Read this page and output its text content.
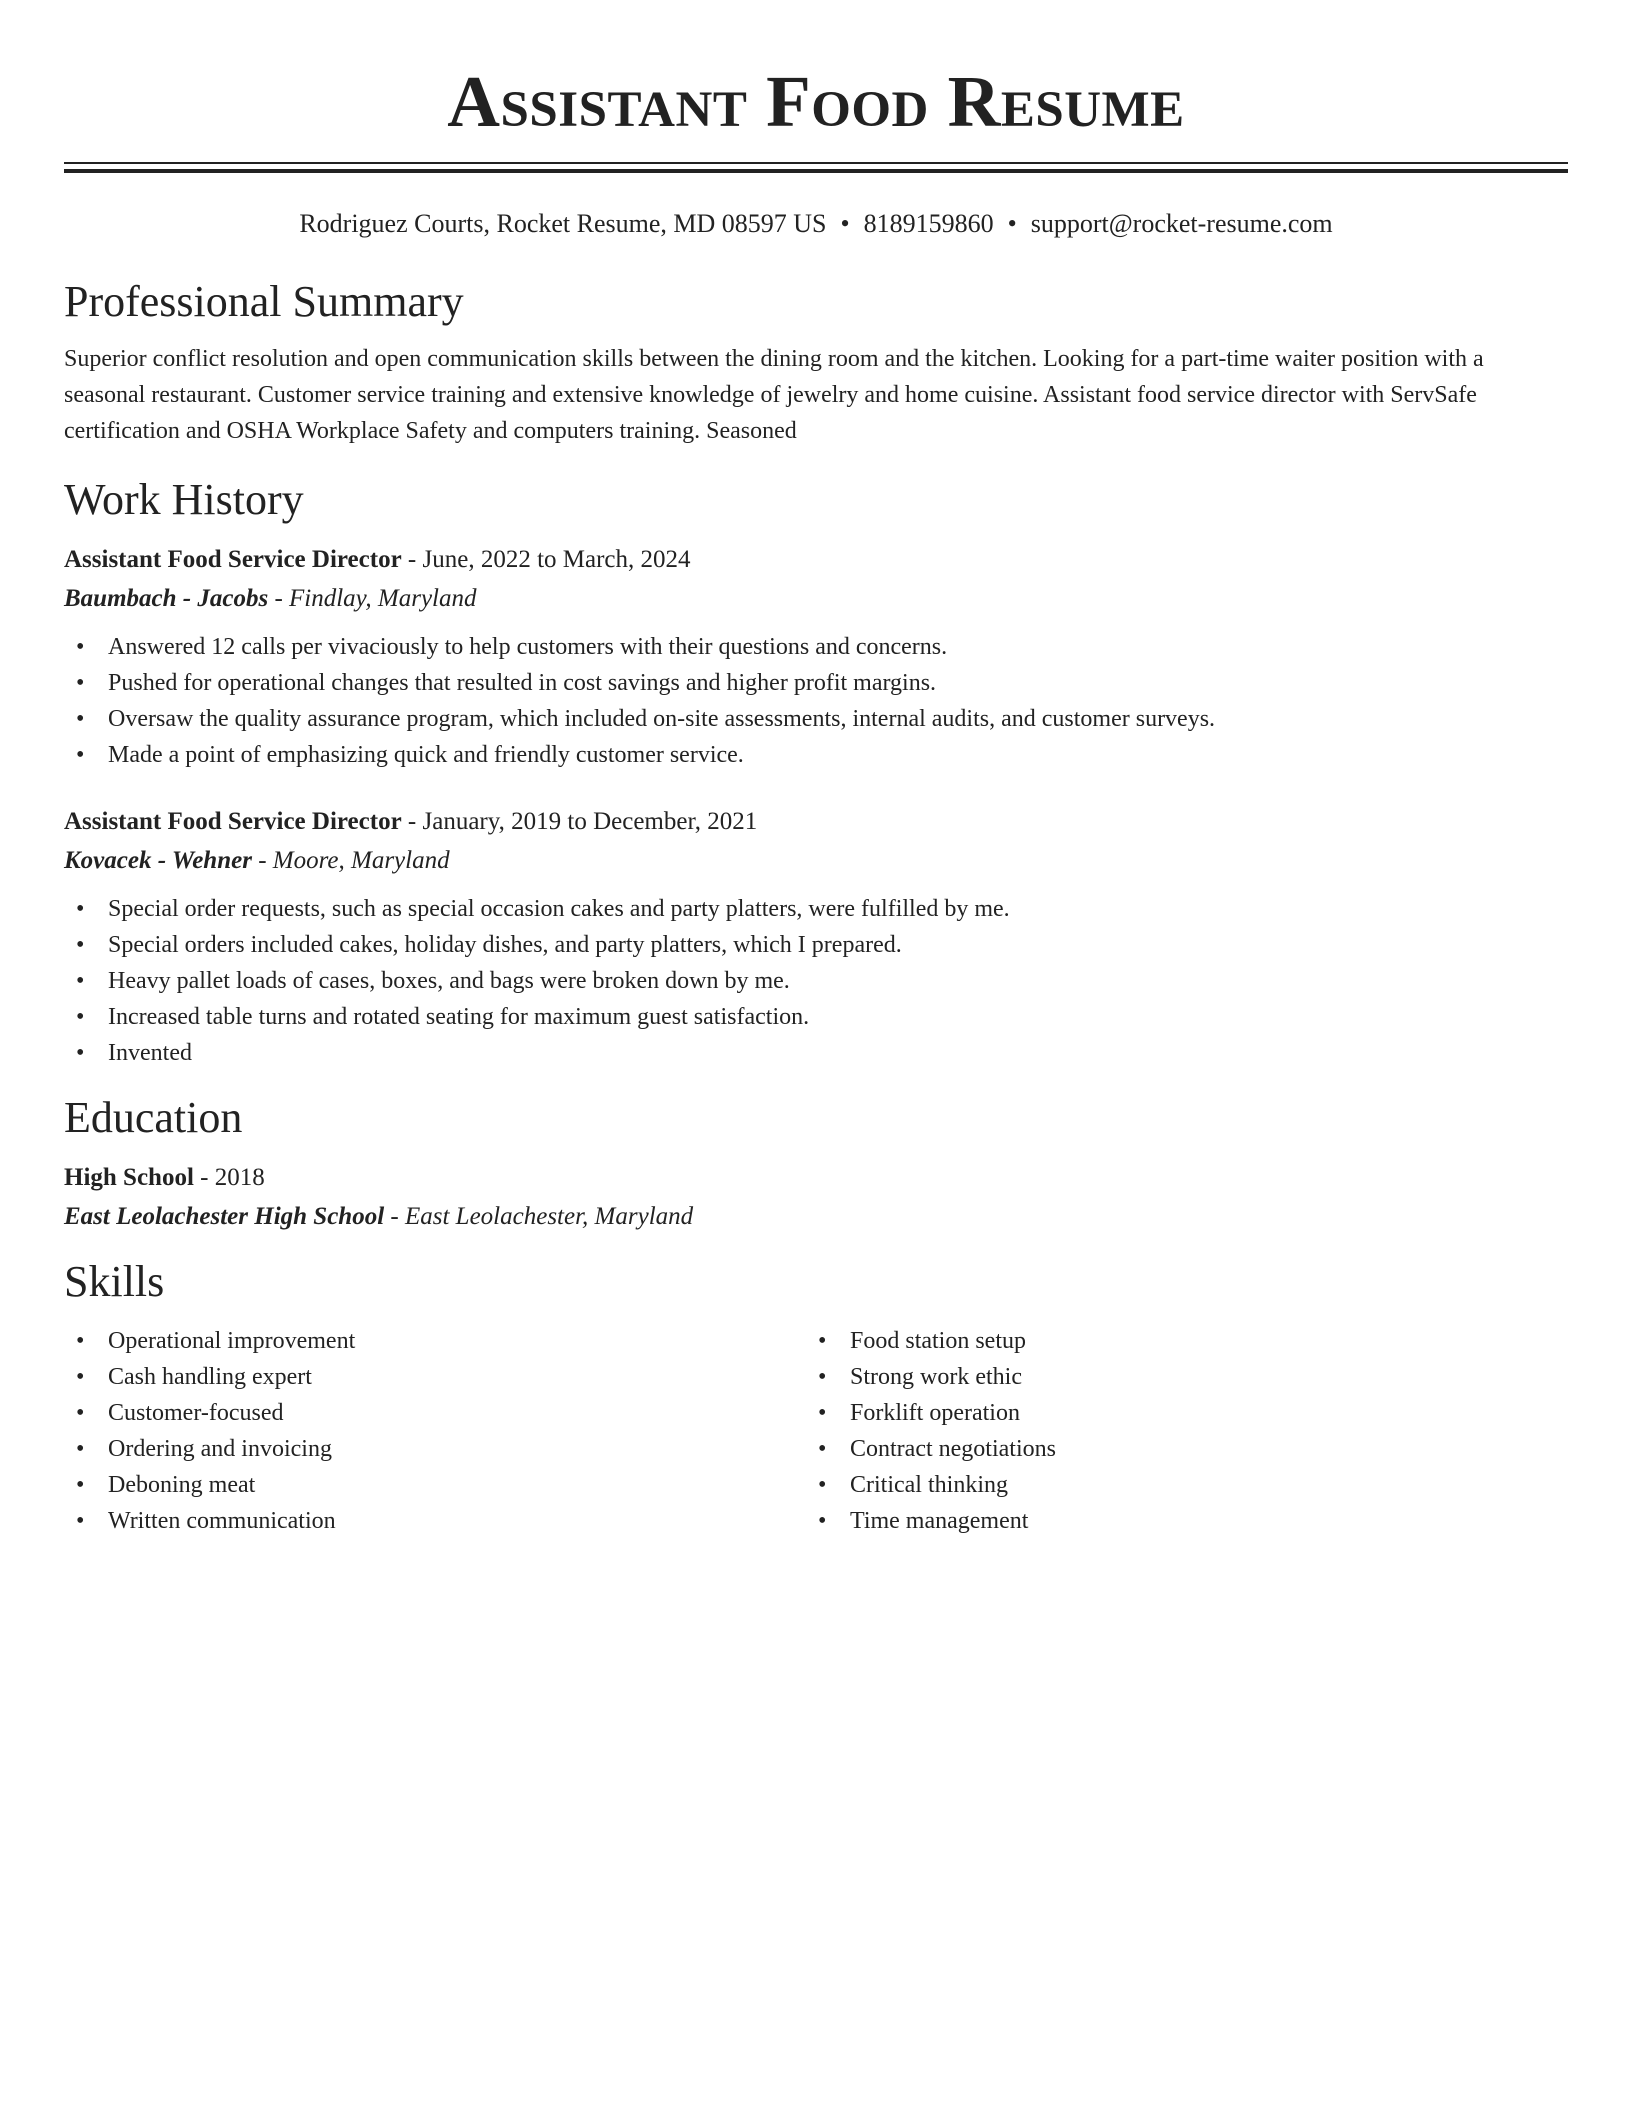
Assistant Food Resume
Rodriguez Courts, Rocket Resume, MD 08597 US • 8189159860 • support@rocket-resume.com
Professional Summary

Superior conflict resolution and open communication skills between the dining room and the kitchen. Looking for a part-time waiter position with a seasonal restaurant. Customer service training and extensive knowledge of jewelry and home cuisine. Assistant food service director with ServSafe certification and OSHA Workplace Safety and computers training. Seasoned

Work History
Assistant Food Service Director - June, 2022 to March, 2024
Baumbach - Jacobs - Findlay, Maryland
• Answered 12 calls per vivaciously to help customers with their questions and concerns.
• Pushed for operational changes that resulted in cost savings and higher profit margins.
• Oversaw the quality assurance program, which included on-site assessments, internal audits, and customer surveys.
• Made a point of emphasizing quick and friendly customer service.
Assistant Food Service Director - January, 2019 to December, 2021
Kovacek - Wehner - Moore, Maryland
• Special order requests, such as special occasion cakes and party platters, were fulfilled by me.
• Special orders included cakes, holiday dishes, and party platters, which I prepared.
• Heavy pallet loads of cases, boxes, and bags were broken down by me.
• Increased table turns and rotated seating for maximum guest satisfaction.
• Invented
Education
High School - 2018
East Leolachester High School - East Leolachester, Maryland
Skills
• Operational improvement
• Cash handling expert
• Customer-focused
• Ordering and invoicing
• Deboning meat
• Written communication
• Food station setup
• Strong work ethic
• Forklift operation
• Contract negotiations
• Critical thinking
• Time management
